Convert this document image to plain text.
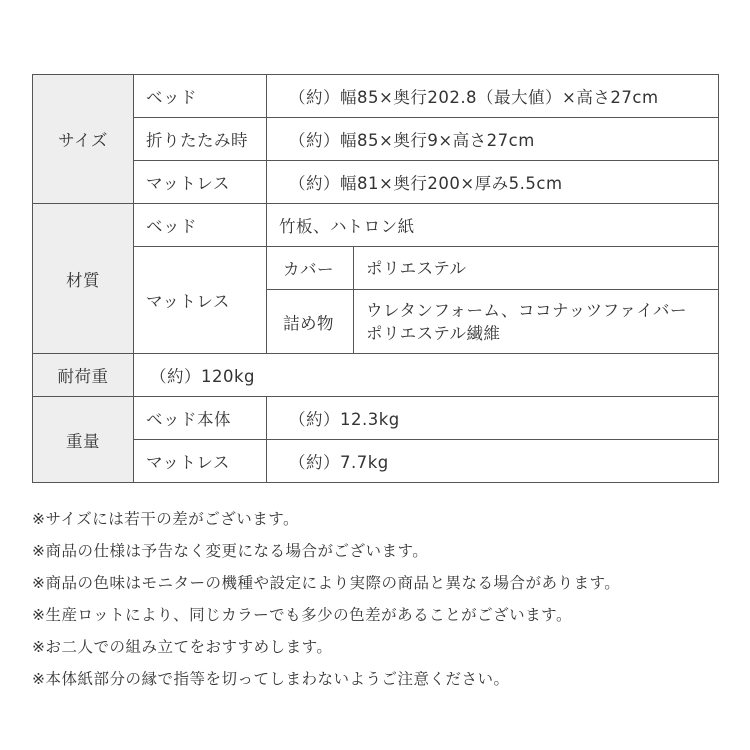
サイズ	ベッド	（約）幅85×奥行202.8（最大値）×高さ27cm	
	折りたたみ時	（約）幅85×奥行9×高さ27cm	
	マットレス	（約）幅81×奥行200×厚み5.5cm	
材質	ベッド	竹板、ハトロン紙	
	マットレス	カバー	ポリエステル
		詰め物	ウレタンフォーム、ココナッツファイバー
ポリエステル繊維

耐荷重	（約）120kg		
重量	ベッド本体	（約）12.3kg	
	マットレス	（約）7.7kg	
※サイズには若干の差がございます。
※商品の仕様は予告なく変更になる場合がございます。
※商品の色味はモニターの機種や設定により実際の商品と異なる場合があります。
※生産ロットにより、同じカラーでも多少の色差があることがございます。
※お二人での組み立てをおすすめします。
※本体紙部分の縁で指等を切ってしまわないようご注意ください。
